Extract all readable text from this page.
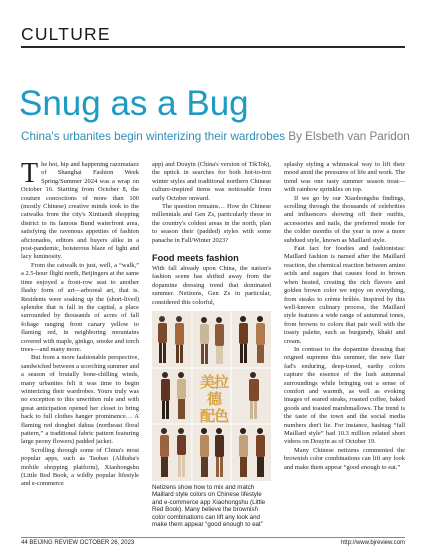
CULTURE
Snug as a Bug
China's urbanites begin winterizing their wardrobes By Elsbeth van Paridon

The hot, hip and happening razzmatazz of Shanghai Fashion Week Spring/Summer 2024 was a wrap on October 16. Starting from October 8, the couture concoctions of more than 100 (mostly Chinese) creative minds took to the catwalks from the city's Xintiandi shopping district to its famous Bund waterfront area, satisfying the ravenous appetites of fashion aficionados, editors and buyers alike in a post-pandemic, boisterous blaze of light and lacy luminosity.

From the catwalk to just, well, a “walk,” a 2.5-hour flight north, Beijingers at the same time enjoyed a front-row seat to another flashy form of art—arboreal art, that is. Residents were soaking up the (short-lived) splendor that is fall in the capital, a place surrounded by thousands of acres of fall foliage ranging from canary yellow to flaming red, in neighboring mountains covered with maple, ginkgo, smoke and torch trees—and many more.

But from a more fashionable perspective, sandwiched between a scorching summer and a season of brutally bone-chilling winds, many urbanites felt it was time to begin winterizing their wardrobes. Yours truly was no exception to this unwritten rule and with great anticipation opened her closet to bring back to full clothes hanger prominence… A flaming red dongbei dahua (northeast floral pattern,” a traditional fabric pattern featuring large peony flowers) padded jacket.

Scrolling through some of China's most popular apps, such as Taobao (Alibaba's mobile shopping platform), Xiaohongshu (Little Red Book, a wildly popular lifestyle and e-commerce

app) and Douyin (China's version of TikTok), the uptick in searches for both hot-to-trot winter styles and traditional northern Chinese culture-inspired items was noticeable from early October onward.

The question remains… How do Chinese millennials and Gen Zs, particularly those in the country's coldest areas in the north, plan to season their (padded) styles with some panache in Fall/Winter 2023?

Food meets fashion

With fall already upon China, the nation's fashion scene has shifted away from the dopamine dressing trend that dominated summer. Netizens, Gen Zs in particular, considered this colorful,

美拉德
配色
Netizens show how to mix and match Maillard style colors on Chinese lifestyle and e-commerce app Xiaohongshu (Little Red Book). Many believe the brownish color combinations can lift any look and make them appear “good enough to eat”

splashy styling a whimsical way to lift their mood amid the pressures of life and work. The trend was one tasty summer season treat—with rainbow sprinkles on top.

If we go by our Xiaohongshu findings, scrolling through the thousands of celebrities and influencers showing off their outfits, accessories and nails, the preferred mode for the colder months of the year is now a more subdued style, known as Maillard style.

Fast fact for foodies and fashionistas: Maillard fashion is named after the Maillard reaction, the chemical reaction between amino acids and sugars that causes food to brown when heated, creating the rich flavors and golden brown color we enjoy on everything, from steaks to crème brûlée. Inspired by this well-known culinary process, the Maillard style features a wide range of autumnal tones, from browns to colors that pair well with the toasty palette, such as burgundy, khaki and cream.

In contrast to the dopamine dressing that reigned supreme this summer, the new flair fad's enduring, deep-toned, earthy colors capture the essence of the lush autumnal surroundings while bringing out a sense of comfort and warmth, as well as evoking images of seared steaks, roasted coffee, baked goods and toasted marshmallows. The trend is the taste of the town and the social media numbers don't lie. For instance, hashtag “fall Maillard style” had 10.3 million related short videos on Douyin as of October 19.

Many Chinese netizens commented the brownish color combinations can lift any look and make them appear “good enough to eat.”

44 BEIJING REVIEW OCTOBER 26, 2023	http://www.bjreview.com
